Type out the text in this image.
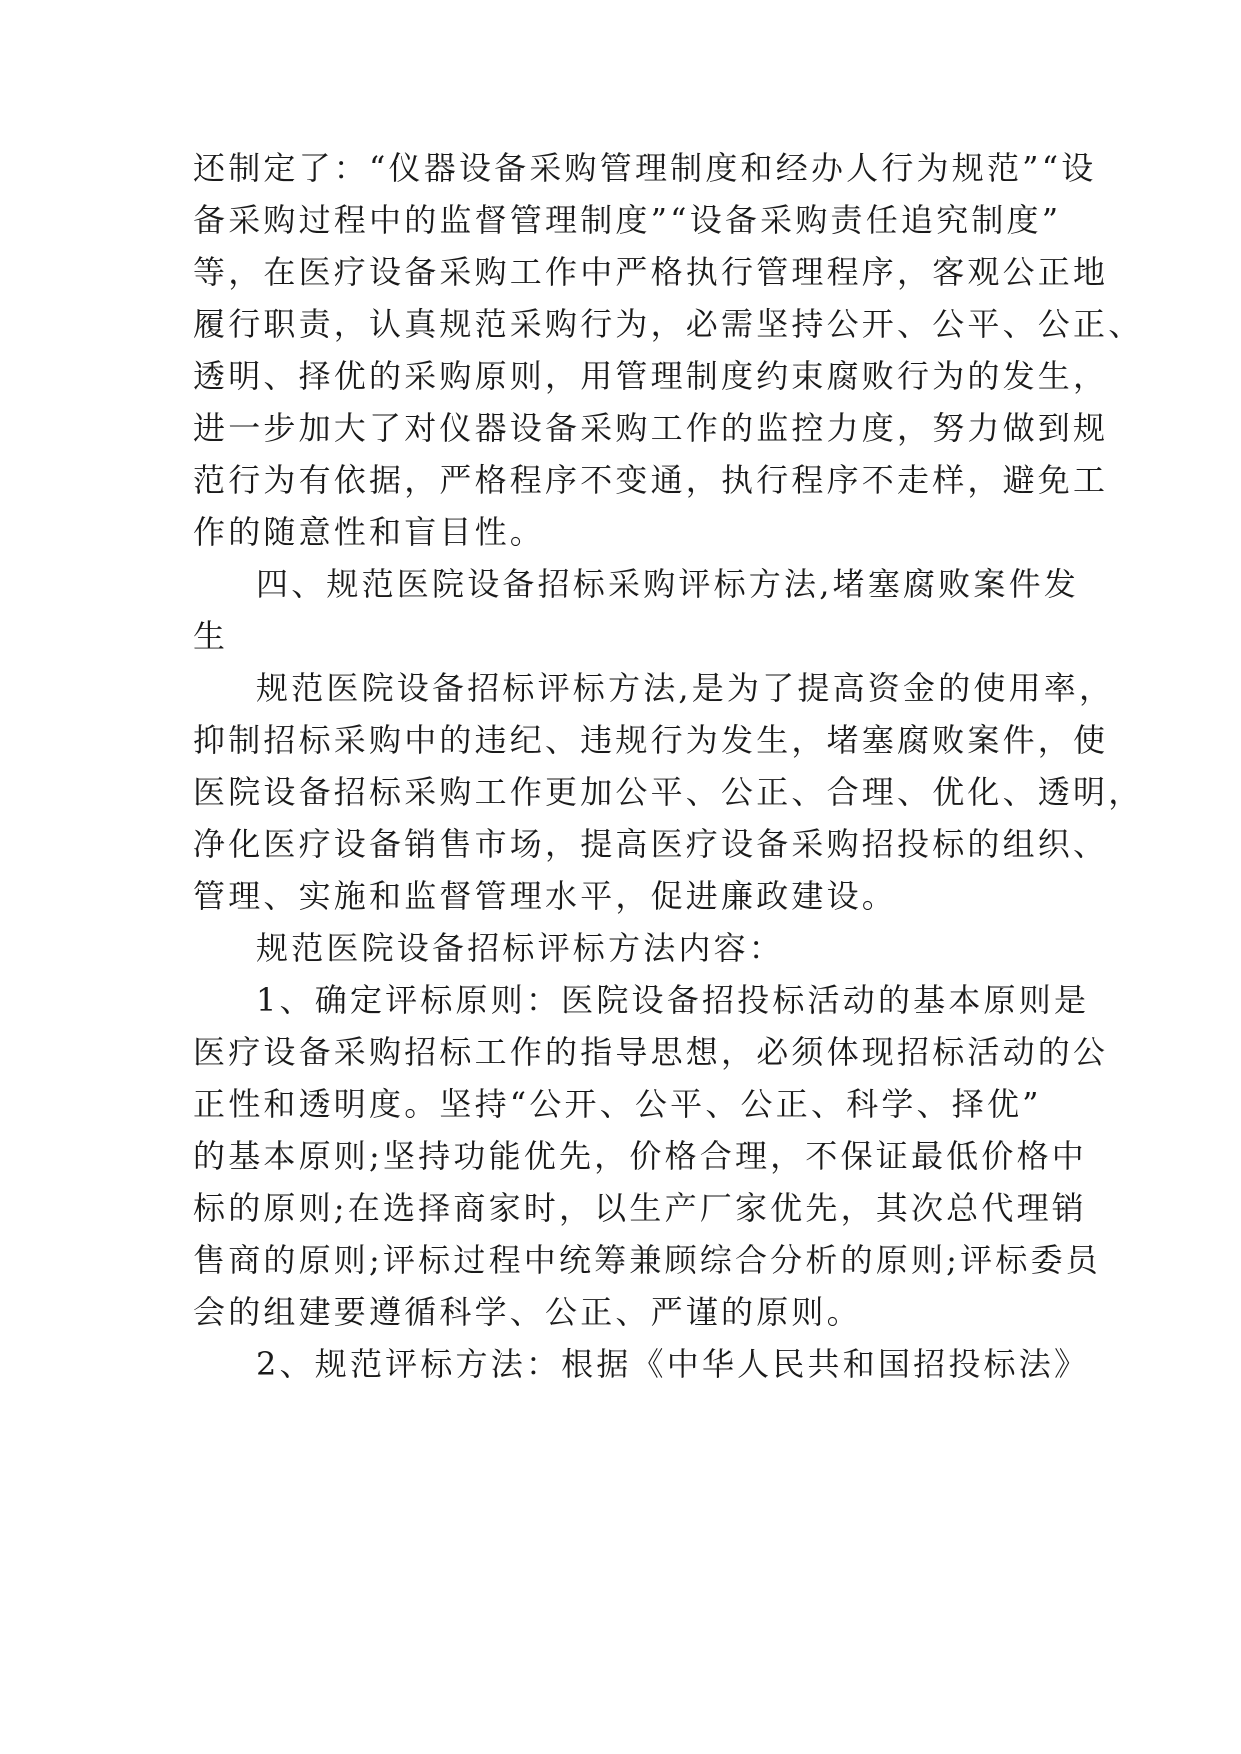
还制定了：“仪器设备采购管理制度和经办人行为规范”“设
备采购过程中的监督管理制度”“设备采购责任追究制度”
等，在医疗设备采购工作中严格执行管理程序，客观公正地
履行职责，认真规范采购行为，必需坚持公开、公平、公正、
透明、择优的采购原则，用管理制度约束腐败行为的发生，
进一步加大了对仪器设备采购工作的监控力度，努力做到规
范行为有依据，严格程序不变通，执行程序不走样，避免工
作的随意性和盲目性。
四、规范医院设备招标采购评标方法,堵塞腐败案件发
生
规范医院设备招标评标方法,是为了提高资金的使用率，
抑制招标采购中的违纪、违规行为发生，堵塞腐败案件，使
医院设备招标采购工作更加公平、公正、合理、优化、透明，
净化医疗设备销售市场，提高医疗设备采购招投标的组织、
管理、实施和监督管理水平，促进廉政建设。
规范医院设备招标评标方法内容：
1、确定评标原则：医院设备招投标活动的基本原则是
医疗设备采购招标工作的指导思想，必须体现招标活动的公
正性和透明度。坚持“公开、公平、公正、科学、择优”
的基本原则;坚持功能优先，价格合理，不保证最低价格中
标的原则;在选择商家时，以生产厂家优先，其次总代理销
售商的原则;评标过程中统筹兼顾综合分析的原则;评标委员
会的组建要遵循科学、公正、严谨的原则。
2、规范评标方法：根据《中华人民共和国招投标法》
